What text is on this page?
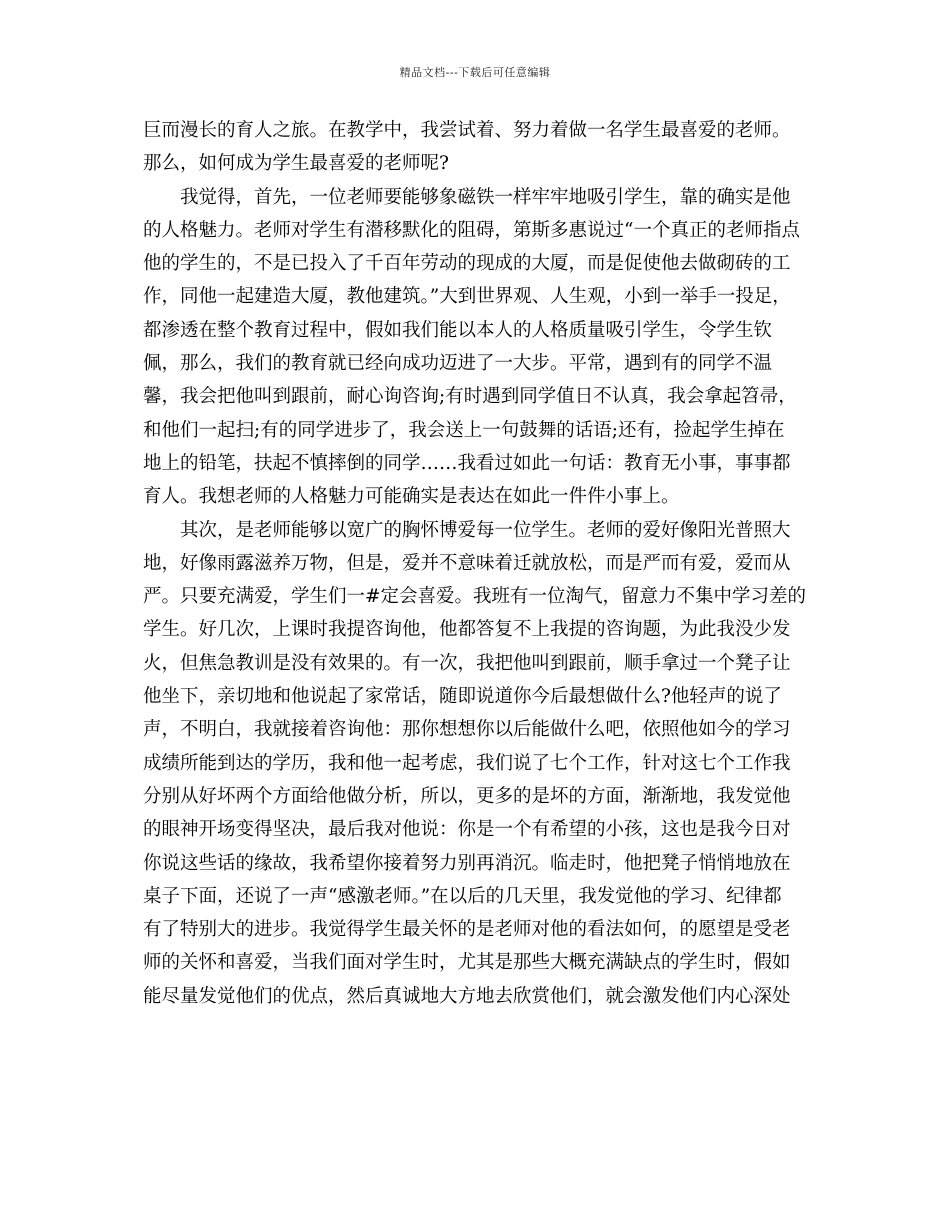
精品文档---下载后可任意编辑
巨而漫长的育人之旅。在教学中，我尝试着、努力着做一名学生最喜爱的老师。
那么，如何成为学生最喜爱的老师呢?
　　我觉得，首先，一位老师要能够象磁铁一样牢牢地吸引学生，靠的确实是他
的人格魅力。老师对学生有潜移默化的阻碍，第斯多惠说过“一个真正的老师指点
他的学生的，不是已投入了千百年劳动的现成的大厦，而是促使他去做砌砖的工
作，同他一起建造大厦，教他建筑。”大到世界观、人生观，小到一举手一投足，
都渗透在整个教育过程中，假如我们能以本人的人格质量吸引学生，令学生钦
佩，那么，我们的教育就已经向成功迈进了一大步。平常，遇到有的同学不温
馨，我会把他叫到跟前，耐心询咨询;有时遇到同学值日不认真，我会拿起笤帚，
和他们一起扫;有的同学进步了，我会送上一句鼓舞的话语;还有，捡起学生掉在
地上的铅笔，扶起不慎摔倒的同学……我看过如此一句话：教育无小事，事事都
育人。我想老师的人格魅力可能确实是表达在如此一件件小事上。
　　其次，是老师能够以宽广的胸怀博爱每一位学生。老师的爱好像阳光普照大
地，好像雨露滋养万物，但是，爱并不意味着迁就放松，而是严而有爱，爱而从
严。只要充满爱，学生们一#定会喜爱。我班有一位淘气，留意力不集中学习差的
学生。好几次，上课时我提咨询他，他都答复不上我提的咨询题，为此我没少发
火，但焦急教训是没有效果的。有一次，我把他叫到跟前，顺手拿过一个凳子让
他坐下，亲切地和他说起了家常话，随即说道你今后最想做什么?他轻声的说了
声，不明白，我就接着咨询他：那你想想你以后能做什么吧，依照他如今的学习
成绩所能到达的学历，我和他一起考虑，我们说了七个工作，针对这七个工作我
分别从好坏两个方面给他做分析，所以，更多的是坏的方面，渐渐地，我发觉他
的眼神开场变得坚决，最后我对他说：你是一个有希望的小孩，这也是我今日对
你说这些话的缘故，我希望你接着努力别再消沉。临走时，他把凳子悄悄地放在
桌子下面，还说了一声“感激老师。”在以后的几天里，我发觉他的学习、纪律都
有了特别大的进步。我觉得学生最关怀的是老师对他的看法如何，的愿望是受老
师的关怀和喜爱，当我们面对学生时，尤其是那些大概充满缺点的学生时，假如
能尽量发觉他们的优点，然后真诚地大方地去欣赏他们，就会激发他们内心深处
